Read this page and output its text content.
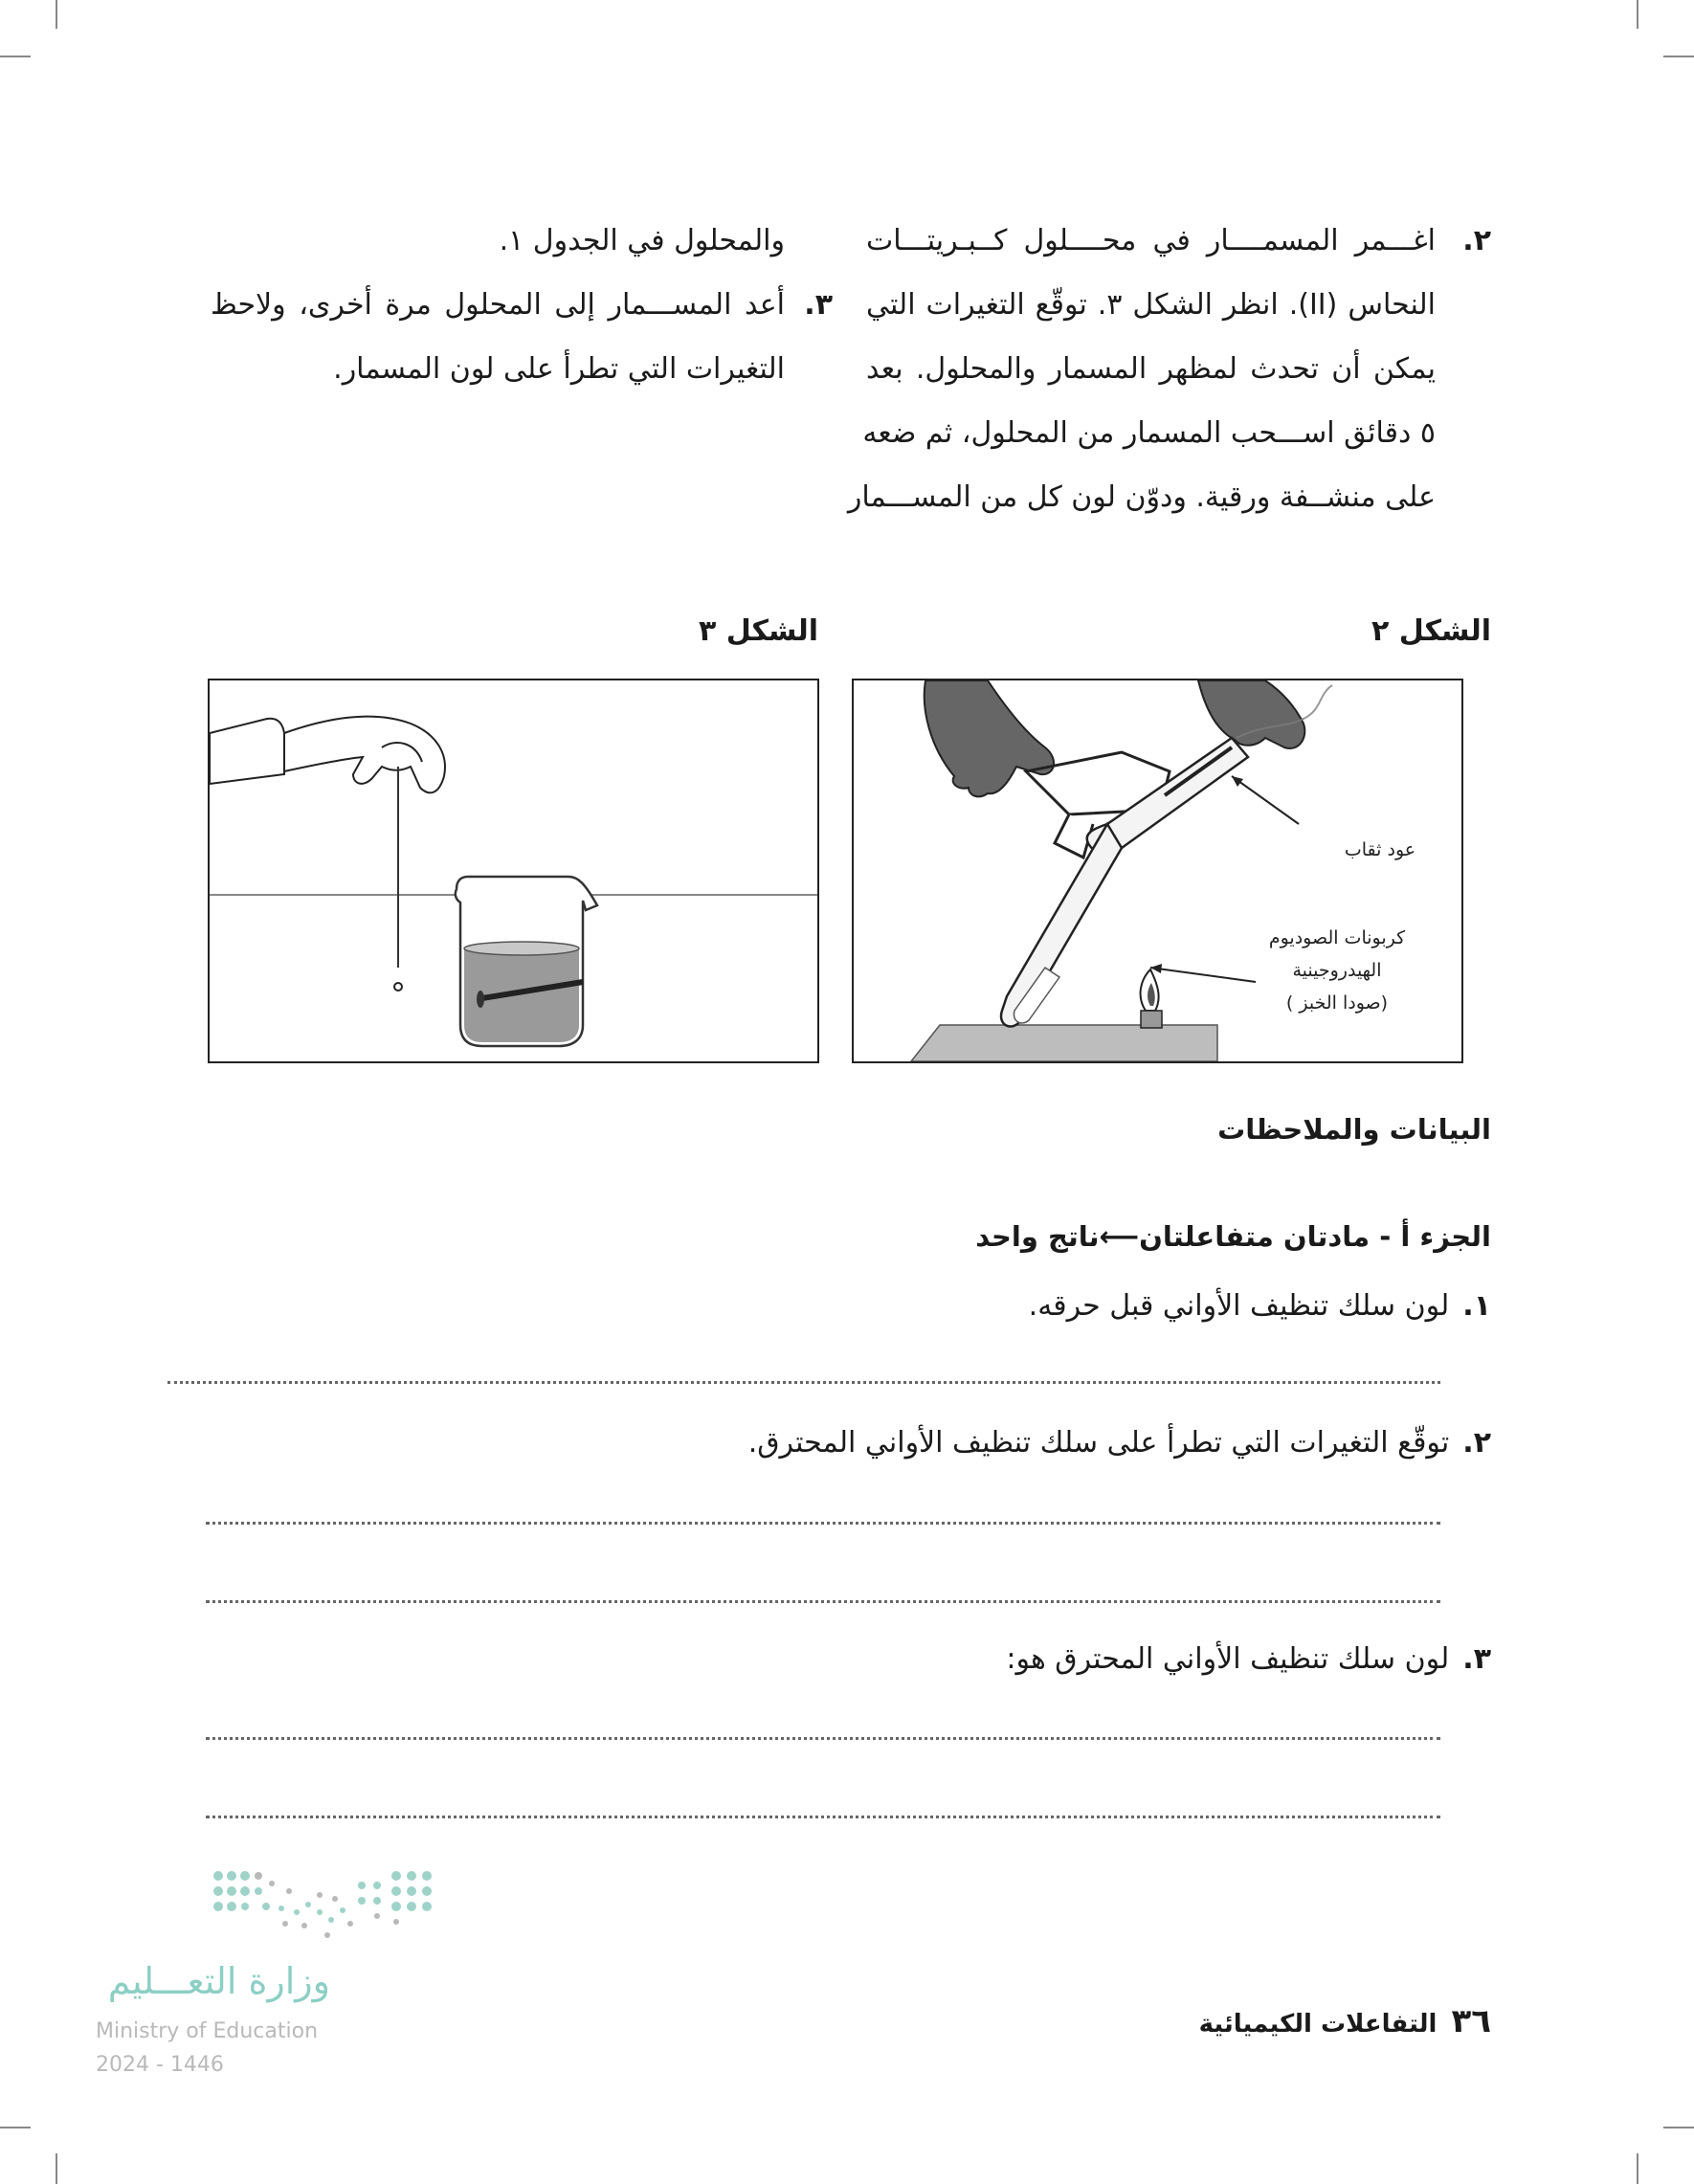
٢.
اغـــمر المسمــــار في محــــلول كــبـريتـــات
النحاس (II). انظر الشكل ٣. توقّع التغيرات التي
يمكن أن تحدث لمظهر المسمار والمحلول. بعد
٥ دقائق اســـحب المسمار من المحلول، ثم ضعه
على منشــفة ورقية. ودوّن لون كل من المســـمار
والمحلول في الجدول ١.
٣.
أعد المســـمار إلى المحلول مرة أخرى، ولاحظ
التغيرات التي تطرأ على لون المسمار.
الشكل ٢
الشكل ٣
عود ثقاب
كربونات الصوديوم
الهيدروجينية
( صودا الخبز)
البيانات والملاحظات
الجزء أ - مادتان متفاعلتان⟵ناتج واحد
١.لون سلك تنظيف الأواني قبل حرقه.
٢.توقّع التغيرات التي تطرأ على سلك تنظيف الأواني المحترق.
٣.لون سلك تنظيف الأواني المحترق هو:
وزارة التعـــليم
Ministry of Education
2024 - 1446
٣٦ التفاعلات الكيميائية
